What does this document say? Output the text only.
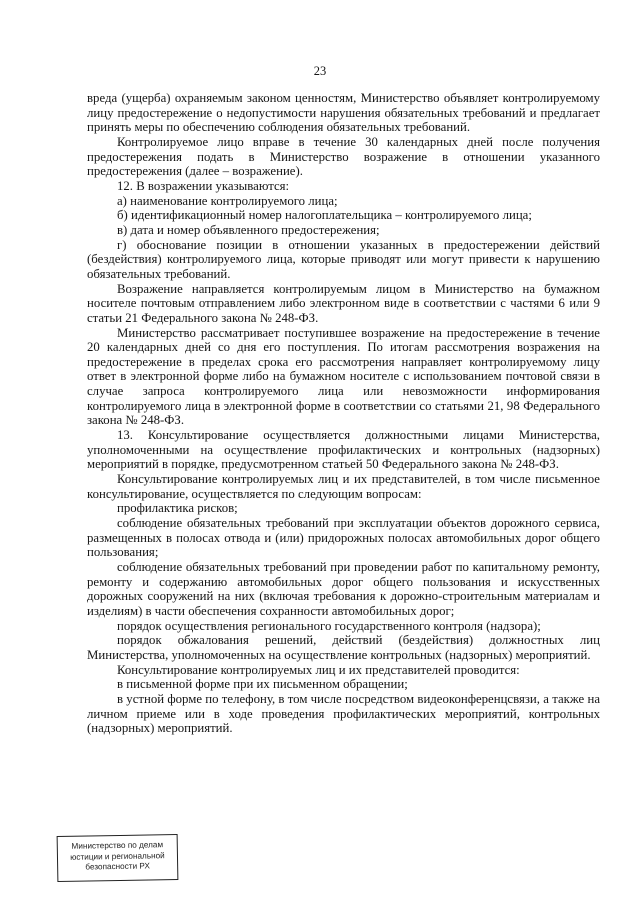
23

вреда (ущерба) охраняемым законом ценностям, Министерство объявляет контролируемому лицу предостережение о недопустимости нарушения обязательных требований и предлагает принять меры по обеспечению соблюдения обязательных требований.

Контролируемое лицо вправе в течение 30 календарных дней после получения предостережения подать в Министерство возражение в отношении указанного предостережения (далее – возражение).

12. В возражении указываются:

а) наименование контролируемого лица;

б) идентификационный номер налогоплательщика – контролируемого лица;

в) дата и номер объявленного предостережения;

г) обоснование позиции в отношении указанных в предостережении действий (бездействия) контролируемого лица, которые приводят или могут привести к нарушению обязательных требований.

Возражение направляется контролируемым лицом в Министерство на бумажном носителе почтовым отправлением либо электронном виде в соответствии с частями 6 или 9 статьи 21 Федерального закона № 248-ФЗ.

Министерство рассматривает поступившее возражение на предостережение в течение 20 календарных дней со дня его поступления. По итогам рассмотрения возражения на предостережение в пределах срока его рассмотрения направляет контролируемому лицу ответ в электронной форме либо на бумажном носителе с использованием почтовой связи в случае запроса контролируемого лица или невозможности информирования контролируемого лица в электронной форме в соответствии со статьями 21, 98 Федерального закона № 248-ФЗ.

13. Консультирование осуществляется должностными лицами Министерства, уполномоченными на осуществление профилактических и контрольных (надзорных) мероприятий в порядке, предусмотренном статьей 50 Федерального закона № 248-ФЗ.

Консультирование контролируемых лиц и их представителей, в том числе письменное консультирование, осуществляется по следующим вопросам:

профилактика рисков;

соблюдение обязательных требований при эксплуатации объектов дорожного сервиса, размещенных в полосах отвода и (или) придорожных полосах автомобильных дорог общего пользования;

соблюдение обязательных требований при проведении работ по капитальному ремонту, ремонту и содержанию автомобильных дорог общего пользования и искусственных дорожных сооружений на них (включая требования к дорожно-строительным материалам и изделиям) в части обеспечения сохранности автомобильных дорог;

порядок осуществления регионального государственного контроля (надзора);

порядок обжалования решений, действий (бездействия) должностных лиц Министерства, уполномоченных на осуществление контрольных (надзорных) мероприятий.

Консультирование контролируемых лиц и их представителей проводится:

в письменной форме при их письменном обращении;

в устной форме по телефону, в том числе посредством видеоконференцсвязи, а также на личном приеме или в ходе проведения профилактических мероприятий, контрольных (надзорных) мероприятий.

Министерство по делам
юстиции и региональной
безопасности РХ
